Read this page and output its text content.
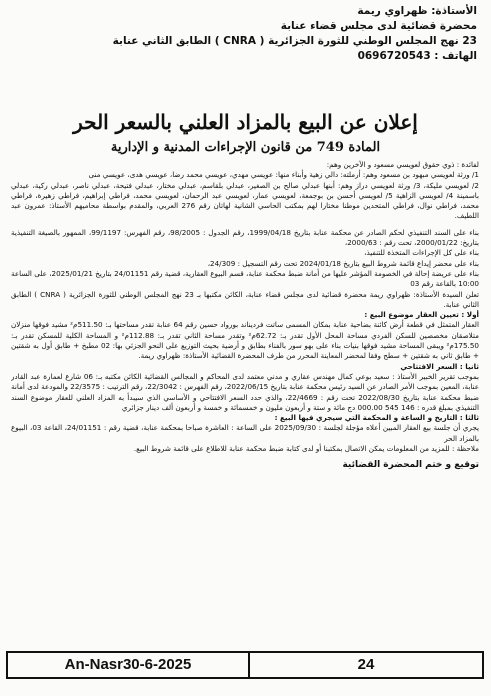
الأستاذة: ظهراوي ريمة
محضرة قضائية لدى مجلس قضاء عنابة
23 نهج المجلس الوطني للثورة الجزائرية ( CNRA ) الطابق الثاني عنابة
الهاتف : 0696720543
إعلان عن البيع بالمزاد العلني بالسعر الحر
المادة 749 من قانون الإجراءات المدنية و الإدارية

لفائدة : ذوي حقوق لعويسي مسعود و الآخرين وهم:

1/ ورثة لعويسي مبهود بن مسعود وهم: أرملته: دالي زهية وأبناء منها: عويسي مهدي، عويسي محمد رضا، عويسي هدى، عويسي منى

2/ لعويسي مليكة، 3/ ورثة لعويسي دراز وهم: أبنها عبدلي صالح بن الصغير، عبدلي بلقاسم، عبدلي مختار، عبدلي فتيحة، عبدلي ناصر، عبدلي ركية، عبدلي باسمينة 4/ لعويسي الزاهية 5/ لعويسي أحسن بن بوجمعة، لعويسي عمار، لعويسي عبد الرحمان، لعويسي محمد، فراطي إبراهيم، فراطي زهيرة، فراطي محمد، فراطي نوال، فراطي المتحدين موطنا مختارا لهم بمكتب الحاسي الشانية لهاتان رقم 276 العربي، والمقدم بواسطة محاميهم الأستاذ: عمرون عبد اللطيف.

بناء على السند التنفيذي لحكم الصادر عن محكمة عنابة بتاريخ 1999/04/18، رقم الجدول : 98/2005، رقم الفهرس: 99/1197، الممهور بالصيغة التنفيذية بتاريخ: 2000/01/22، تحت رقم : 2000/63،

بناء على كل الإجراءات المتخذة للتنفيذ،

بناء على محضر إيداع قائمة شروط البيع بتاريخ 2024/01/18 تحت رقم التسجيل : 24/309،

بناء على عريضة إحالة في الخصومة المؤشر عليها من أمانة ضبط محكمة عنابة، قسم البيوع العقارية، قضية رقم 24/01151 بتاريخ 2025/01/21، على الساعة 10:00 بالقاعة رقم 03

تعلن السيدة الأستاذة: ظهراوي ريمة محضرة قضائية لدى مجلس قضاء عنابة، الكائن مكتبها بـ 23 نهج المجلس الوطني للثورة الجزائرية ( CNRA ) الطابق الثاني عنابة.

أولا : تعيين العقار موضوع البيع :

العقار المتمثل في قطعة أرض كائنة بضاحية عنابة بمكان المسمى ساتت فرديناند بورواد حسين رقم 64 عنابة تقدر مساحتها بـ: 511.50م² مشيد فوقها منزلان متلاصقان مخصصين للسكن الفردي مساحة المحل الأول تقدر بـ: 62.72م² وتقدر مساحة الثاني تقدر بـ: 112.88م² و المساحة الكلية للمسكن تقدر بـ: 175.50م² ويبقى المساحة مشيد فوقها بنيات بناء على بهو سور بالفناء بطابق و أرضية بحيث التوزيع على النحو الجزئي بها: 02 مطبخ + طابق أول به شقتين + طابق ثاني به شقتين + سطح وفقا لمحضر المعاينة المحرر من طرف المحضرة القضائية الأستاذة: ظهراوي ريمة.

ثانيا : السعر الافتتاحي

بموجب تقرير الخبير الأستاذ : سعيد بوعي كمال مهندس عقاري و مدني معتمد لدى المحاكم و المجالس القضائية الكائن مكتبه بـ: 06 شارع لعمارة عبد القادر عنابة، المعين بموجب الأمر الصادر عن السيد رئيس محكمة عنابة بتاريخ 2022/06/15، رقم الفهرس : 22/3042، رقم الترتيب : 22/3575 والمودعة لدى أمانة ضبط محكمة عنابة بتاريخ 2022/08/30 تحت رقم : 22/4669، والذي حدد السعر الافتتاحي و الأساسي الذي سيبدأ به المزاد العلني للعقار موضوع السند التنفيذي بمبلغ قدره : 146 545 000.00 دج مائة و ستة و أربعون مليون و خمسمائة و خمسة و أربعون ألف دينار جزائري

ثالثا : التاريخ و الساعة و المحكمة التي سيجري فيها البيع :

يجري أن جلسة بيع العقار المبين أعلاه مؤجلة لجلسة : 2025/09/30 على الساعة : العاشرة صباحا بمحكمة عنابة، قضية رقم : 24/01151، القاعة 03، البيوع بالمزاد الحر

ملاحظة : للمزيد من المعلومات يمكن الاتصال بمكتبنا أو لدى كتابة ضبط محكمة عنابة للاطلاع على قائمة شروط البيع.

توقيع و ختم المحضرة القضائية

An-Nasr30-6-2025	24
